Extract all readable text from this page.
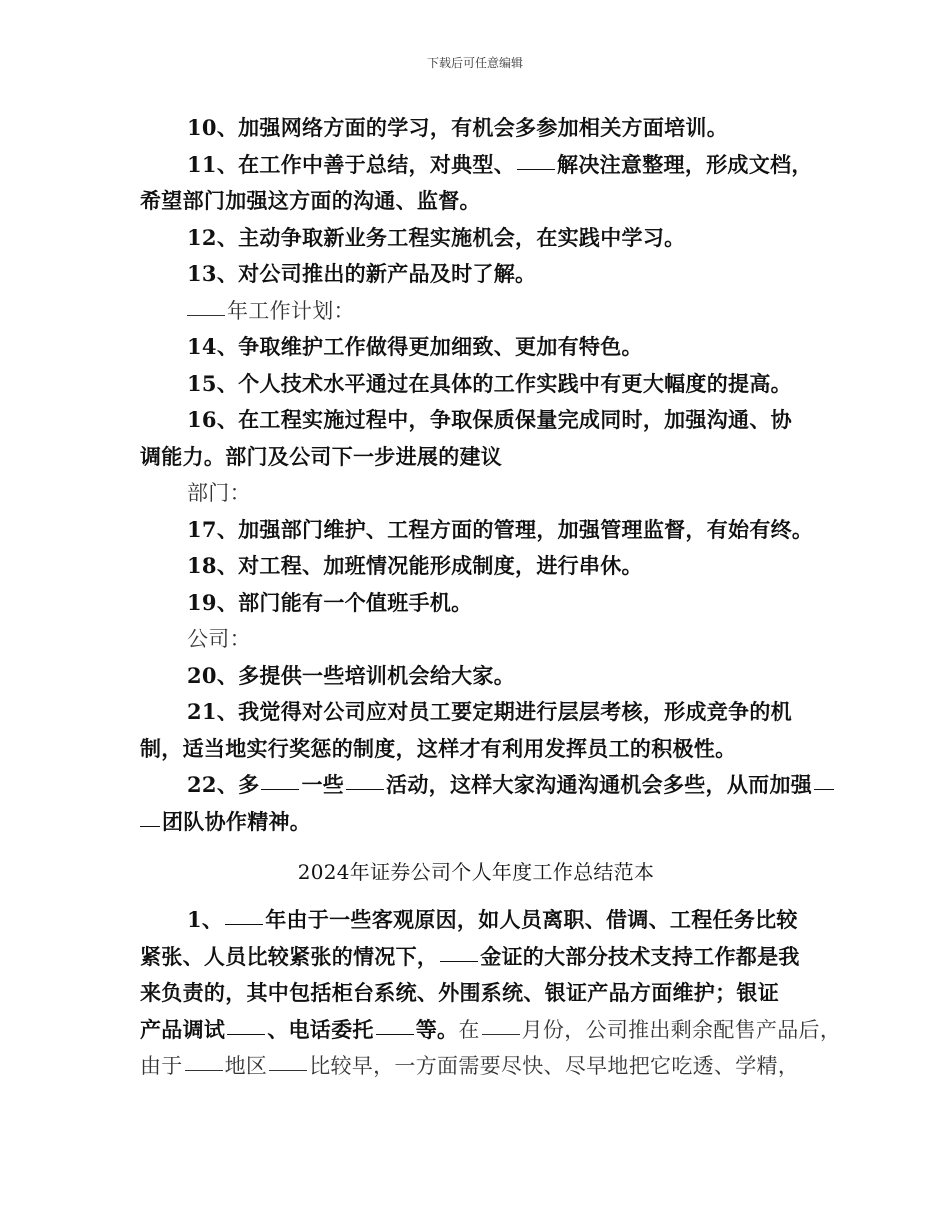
下载后可任意编辑

10、加强网络方面的学习，有机会多参加相关方面培训。

11、在工作中善于总结，对典型、 解决注意整理，形成文档，

希望部门加强这方面的沟通、监督。

12、主动争取新业务工程实施机会，在实践中学习。

13、对公司推出的新产品及时了解。

年工作计划：

14、争取维护工作做得更加细致、更加有特色。

15、个人技术水平通过在具体的工作实践中有更大幅度的提高。

16、在工程实施过程中，争取保质保量完成同时，加强沟通、协

调能力。部门及公司下一步进展的建议

部门：

17、加强部门维护、工程方面的管理，加强管理监督，有始有终。

18、对工程、加班情况能形成制度，进行串休。

19、部门能有一个值班手机。

公司：

20、多提供一些培训机会给大家。

21、我觉得对公司应对员工要定期进行层层考核，形成竞争的机

制，适当地实行奖惩的制度，这样才有利用发挥员工的积极性。

22、多 一些 活动，这样大家沟通沟通机会多些，从而加强

团队协作精神。

2024年证券公司个人年度工作总结范本

1、 年由于一些客观原因，如人员离职、借调、工程任务比较

紧张、人员比较紧张的情况下， 金证的大部分技术支持工作都是我

来负责的，其中包括柜台系统、外围系统、银证产品方面维护；银证

产品调试 、电话委托 等。在 月份，公司推出剩余配售产品后，

由于 地区 比较早，一方面需要尽快、尽早地把它吃透、学精，
